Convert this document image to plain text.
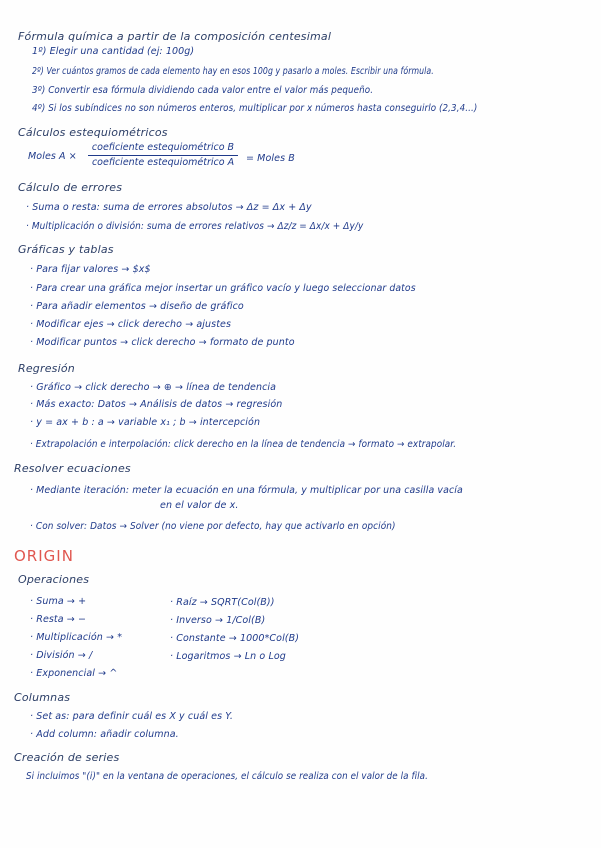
Fórmula química a partir de la composición centesimal
1º) Elegir una cantidad (ej: 100g)
2º) Ver cuántos gramos de cada elemento hay en esos 100g y pasarlo a moles. Escribir una fórmula.
3º) Convertir esa fórmula dividiendo cada valor entre el valor más pequeño.
4º) Si los subíndices no son números enteros, multiplicar por x números hasta conseguirlo (2,3,4...)
Cálculos estequiométricos
Moles A ×
coeficiente estequiométrico B
coeficiente estequiométrico A	= Moles B
Cálculo de errores
· Suma o resta: suma de errores absolutos → Δz = Δx + Δy
· Multiplicación o división: suma de errores relativos → Δz/z = Δx/x + Δy/y
Gráficas y tablas
· Para fijar valores → $x$
· Para crear una gráfica mejor insertar un gráfico vacío y luego seleccionar datos
· Para añadir elementos → diseño de gráfico
· Modificar ejes → click derecho → ajustes
· Modificar puntos → click derecho → formato de punto
Regresión
· Gráfico → click derecho → ⊕ → línea de tendencia
· Más exacto: Datos → Análisis de datos → regresión
· y = ax + b : a → variable x₁ ; b → intercepción
· Extrapolación e interpolación: click derecho en la línea de tendencia → formato → extrapolar.
Resolver ecuaciones
· Mediante iteración: meter la ecuación en una fórmula, y multiplicar por una casilla vacía
en el valor de x.
· Con solver: Datos → Solver (no viene por defecto, hay que activarlo en opción)
ORIGIN
Operaciones
· Suma → +
· Resta → −
· Multiplicación → *
· División → /
· Exponencial → ^
· Raíz → SQRT(Col(B))
· Inverso → 1/Col(B)
· Constante → 1000*Col(B)
· Logaritmos → Ln o Log
Columnas
· Set as: para definir cuál es X y cuál es Y.
· Add column: añadir columna.
Creación de series
Si incluimos "(i)" en la ventana de operaciones, el cálculo se realiza con el valor de la fila.
